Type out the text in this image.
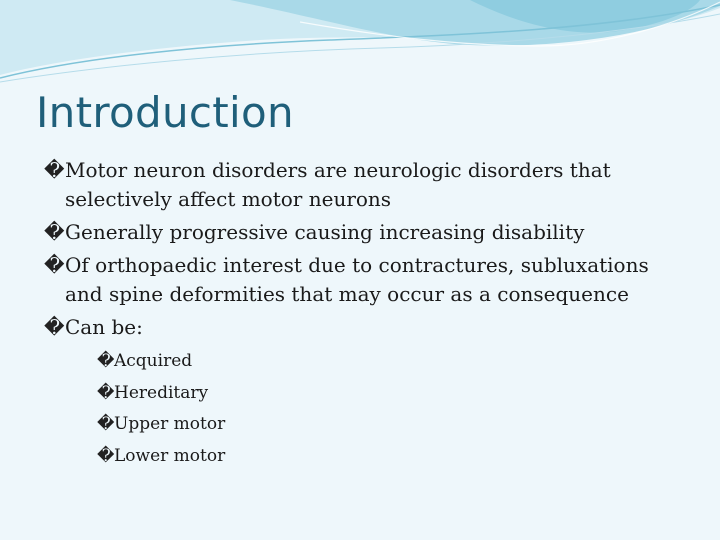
Introduction
� Motor neuron disorders are neurologic disorders that selectively affect motor neurons
� Generally progressive causing increasing disability
� Of orthopaedic interest due to contractures, subluxations and spine deformities that may occur as a consequence
� Can be:
� Acquired
� Hereditary
� Upper motor
� Lower motor
